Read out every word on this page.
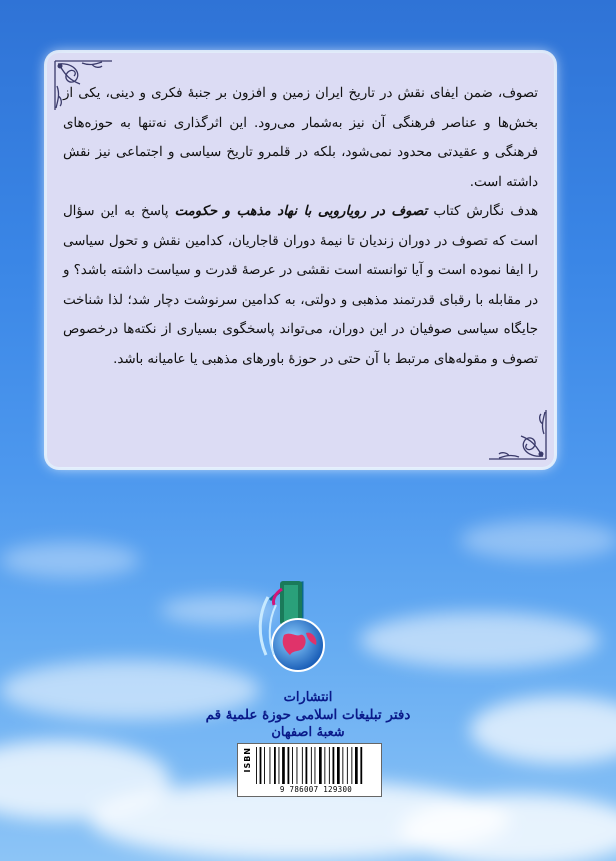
تصوف، ضمن ایفای نقش در تاریخ ایران زمین و افزون بر جنبهٔ فکری و دینی، یکی از بخش‌ها و عناصر فرهنگی آن نیز به‌شمار می‌رود. این اثرگذاری نه‌تنها به حوزه‌های فرهنگی و عقیدتی محدود نمی‌شود، بلکه در قلمرو تاریخ سیاسی و اجتماعی نیز نقش داشته است.

هدف نگارش کتاب تصوف در رویارویی با نهاد مذهب و حکومت پاسخ به این سؤال است که تصوف در دوران زندیان تا نیمهٔ دوران قاجاریان، کدامین نقش و تحول سیاسی را ایفا نموده است و آیا توانسته است نقشی در عرصهٔ قدرت و سیاست داشته باشد؟ و در مقابله با رقبای قدرتمند مذهبی و دولتی، به کدامین سرنوشت دچار شد؛ لذا شناخت جایگاه سیاسی صوفیان در این دوران، می‌تواند پاسخگوی بسیاری از نکته‌ها درخصوص تصوف و مقوله‌های مرتبط با آن حتی در حوزهٔ باورهای مذهبی یا عامیانه باشد.

انتشارات
دفتر تبلیغات اسلامی حوزهٔ علمیهٔ قم
شعبهٔ اصفهان
ISBN
9 786007 129300
